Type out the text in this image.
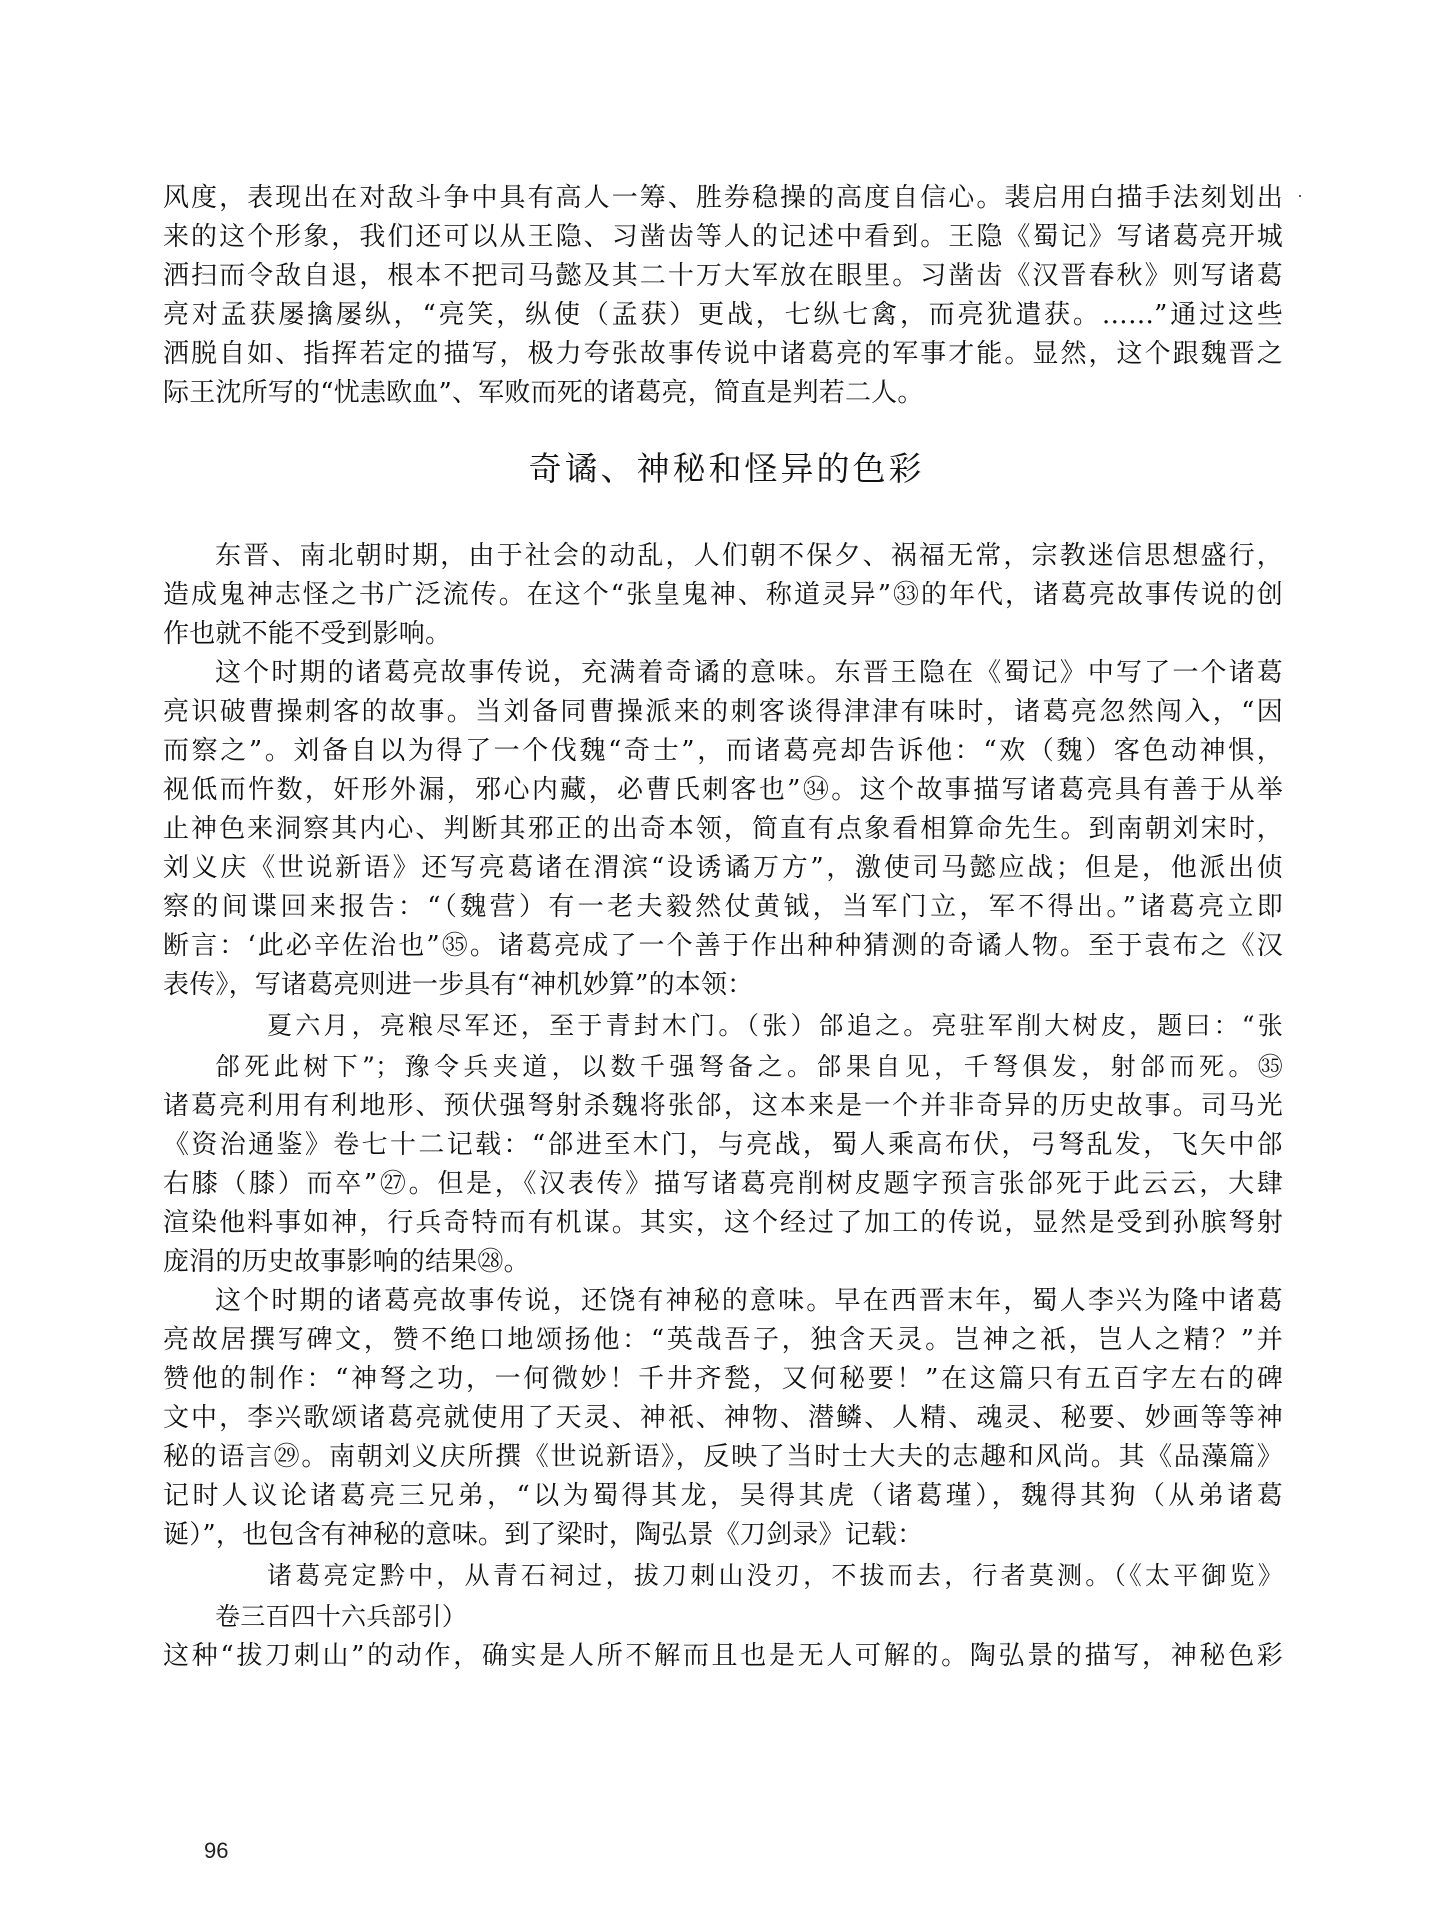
风度，表现出在对敌斗争中具有高人一筹、胜券稳操的高度自信心。裴启用白描手法刻划出
来的这个形象，我们还可以从王隐、习凿齿等人的记述中看到。王隐《蜀记》写诸葛亮开城
洒扫而令敌自退，根本不把司马懿及其二十万大军放在眼里。习凿齿《汉晋春秋》则写诸葛
亮对孟获屡擒屡纵，“亮笑，纵使（孟获）更战，七纵七禽，而亮犹遣获。……”通过这些
洒脱自如、指挥若定的描写，极力夸张故事传说中诸葛亮的军事才能。显然，这个跟魏晋之
际王沈所写的“忧恚欧血”、军败而死的诸葛亮，简直是判若二人。
奇谲、神秘和怪异的色彩
东晋、南北朝时期，由于社会的动乱，人们朝不保夕、祸福无常，宗教迷信思想盛行，
造成鬼神志怪之书广泛流传。在这个“张皇鬼神、称道灵异”㉝的年代，诸葛亮故事传说的创
作也就不能不受到影响。
这个时期的诸葛亮故事传说，充满着奇谲的意味。东晋王隐在《蜀记》中写了一个诸葛
亮识破曹操刺客的故事。当刘备同曹操派来的刺客谈得津津有味时，诸葛亮忽然闯入，“因
而察之”。刘备自以为得了一个伐魏“奇士”，而诸葛亮却告诉他：“欢（魏）客色动神惧，
视低而忤数，奸形外漏，邪心内藏，必曹氏刺客也”㉞。这个故事描写诸葛亮具有善于从举
止神色来洞察其内心、判断其邪正的出奇本领，简直有点象看相算命先生。到南朝刘宋时，
刘义庆《世说新语》还写亮葛诸在渭滨“设诱谲万方”，激使司马懿应战；但是，他派出侦
察的间谍回来报告：“（魏营）有一老夫毅然仗黄钺，当军门立，军不得出。”诸葛亮立即
断言：‘此必辛佐治也”㉟。诸葛亮成了一个善于作出种种猜测的奇谲人物。至于袁布之《汉
表传》，写诸葛亮则进一步具有“神机妙算”的本领：
夏六月，亮粮尽军还，至于青封木门。（张）郃追之。亮驻军削大树皮，题曰：“张
郃死此树下”；豫令兵夹道，以数千强弩备之。郃果自见，千弩俱发，射郃而死。㉟
诸葛亮利用有利地形、预伏强弩射杀魏将张郃，这本来是一个并非奇异的历史故事。司马光
《资治通鉴》卷七十二记载：“郃进至木门，与亮战，蜀人乘高布伏，弓弩乱发，飞矢中郃
右膝（膝）而卒”㉗。但是，《汉表传》描写诸葛亮削树皮题字预言张郃死于此云云，大肆
渲染他料事如神，行兵奇特而有机谋。其实，这个经过了加工的传说，显然是受到孙膑弩射
庞涓的历史故事影响的结果㉘。
这个时期的诸葛亮故事传说，还饶有神秘的意味。早在西晋末年，蜀人李兴为隆中诸葛
亮故居撰写碑文，赞不绝口地颂扬他：“英哉吾子，独含天灵。岂神之祇，岂人之精？”并
赞他的制作：“神弩之功，一何微妙！千井齐甃，又何秘要！”在这篇只有五百字左右的碑
文中，李兴歌颂诸葛亮就使用了天灵、神祇、神物、潜鳞、人精、魂灵、秘要、妙画等等神
秘的语言㉙。南朝刘义庆所撰《世说新语》，反映了当时士大夫的志趣和风尚。其《品藻篇》
记时人议论诸葛亮三兄弟，“以为蜀得其龙，吴得其虎（诸葛瑾），魏得其狗（从弟诸葛
诞）”，也包含有神秘的意味。到了梁时，陶弘景《刀剑录》记载：
诸葛亮定黔中，从青石祠过，拔刀刺山没刃，不拔而去，行者莫测。（《太平御览》
卷三百四十六兵部引）
这种“拔刀刺山”的动作，确实是人所不解而且也是无人可解的。陶弘景的描写，神秘色彩
96
